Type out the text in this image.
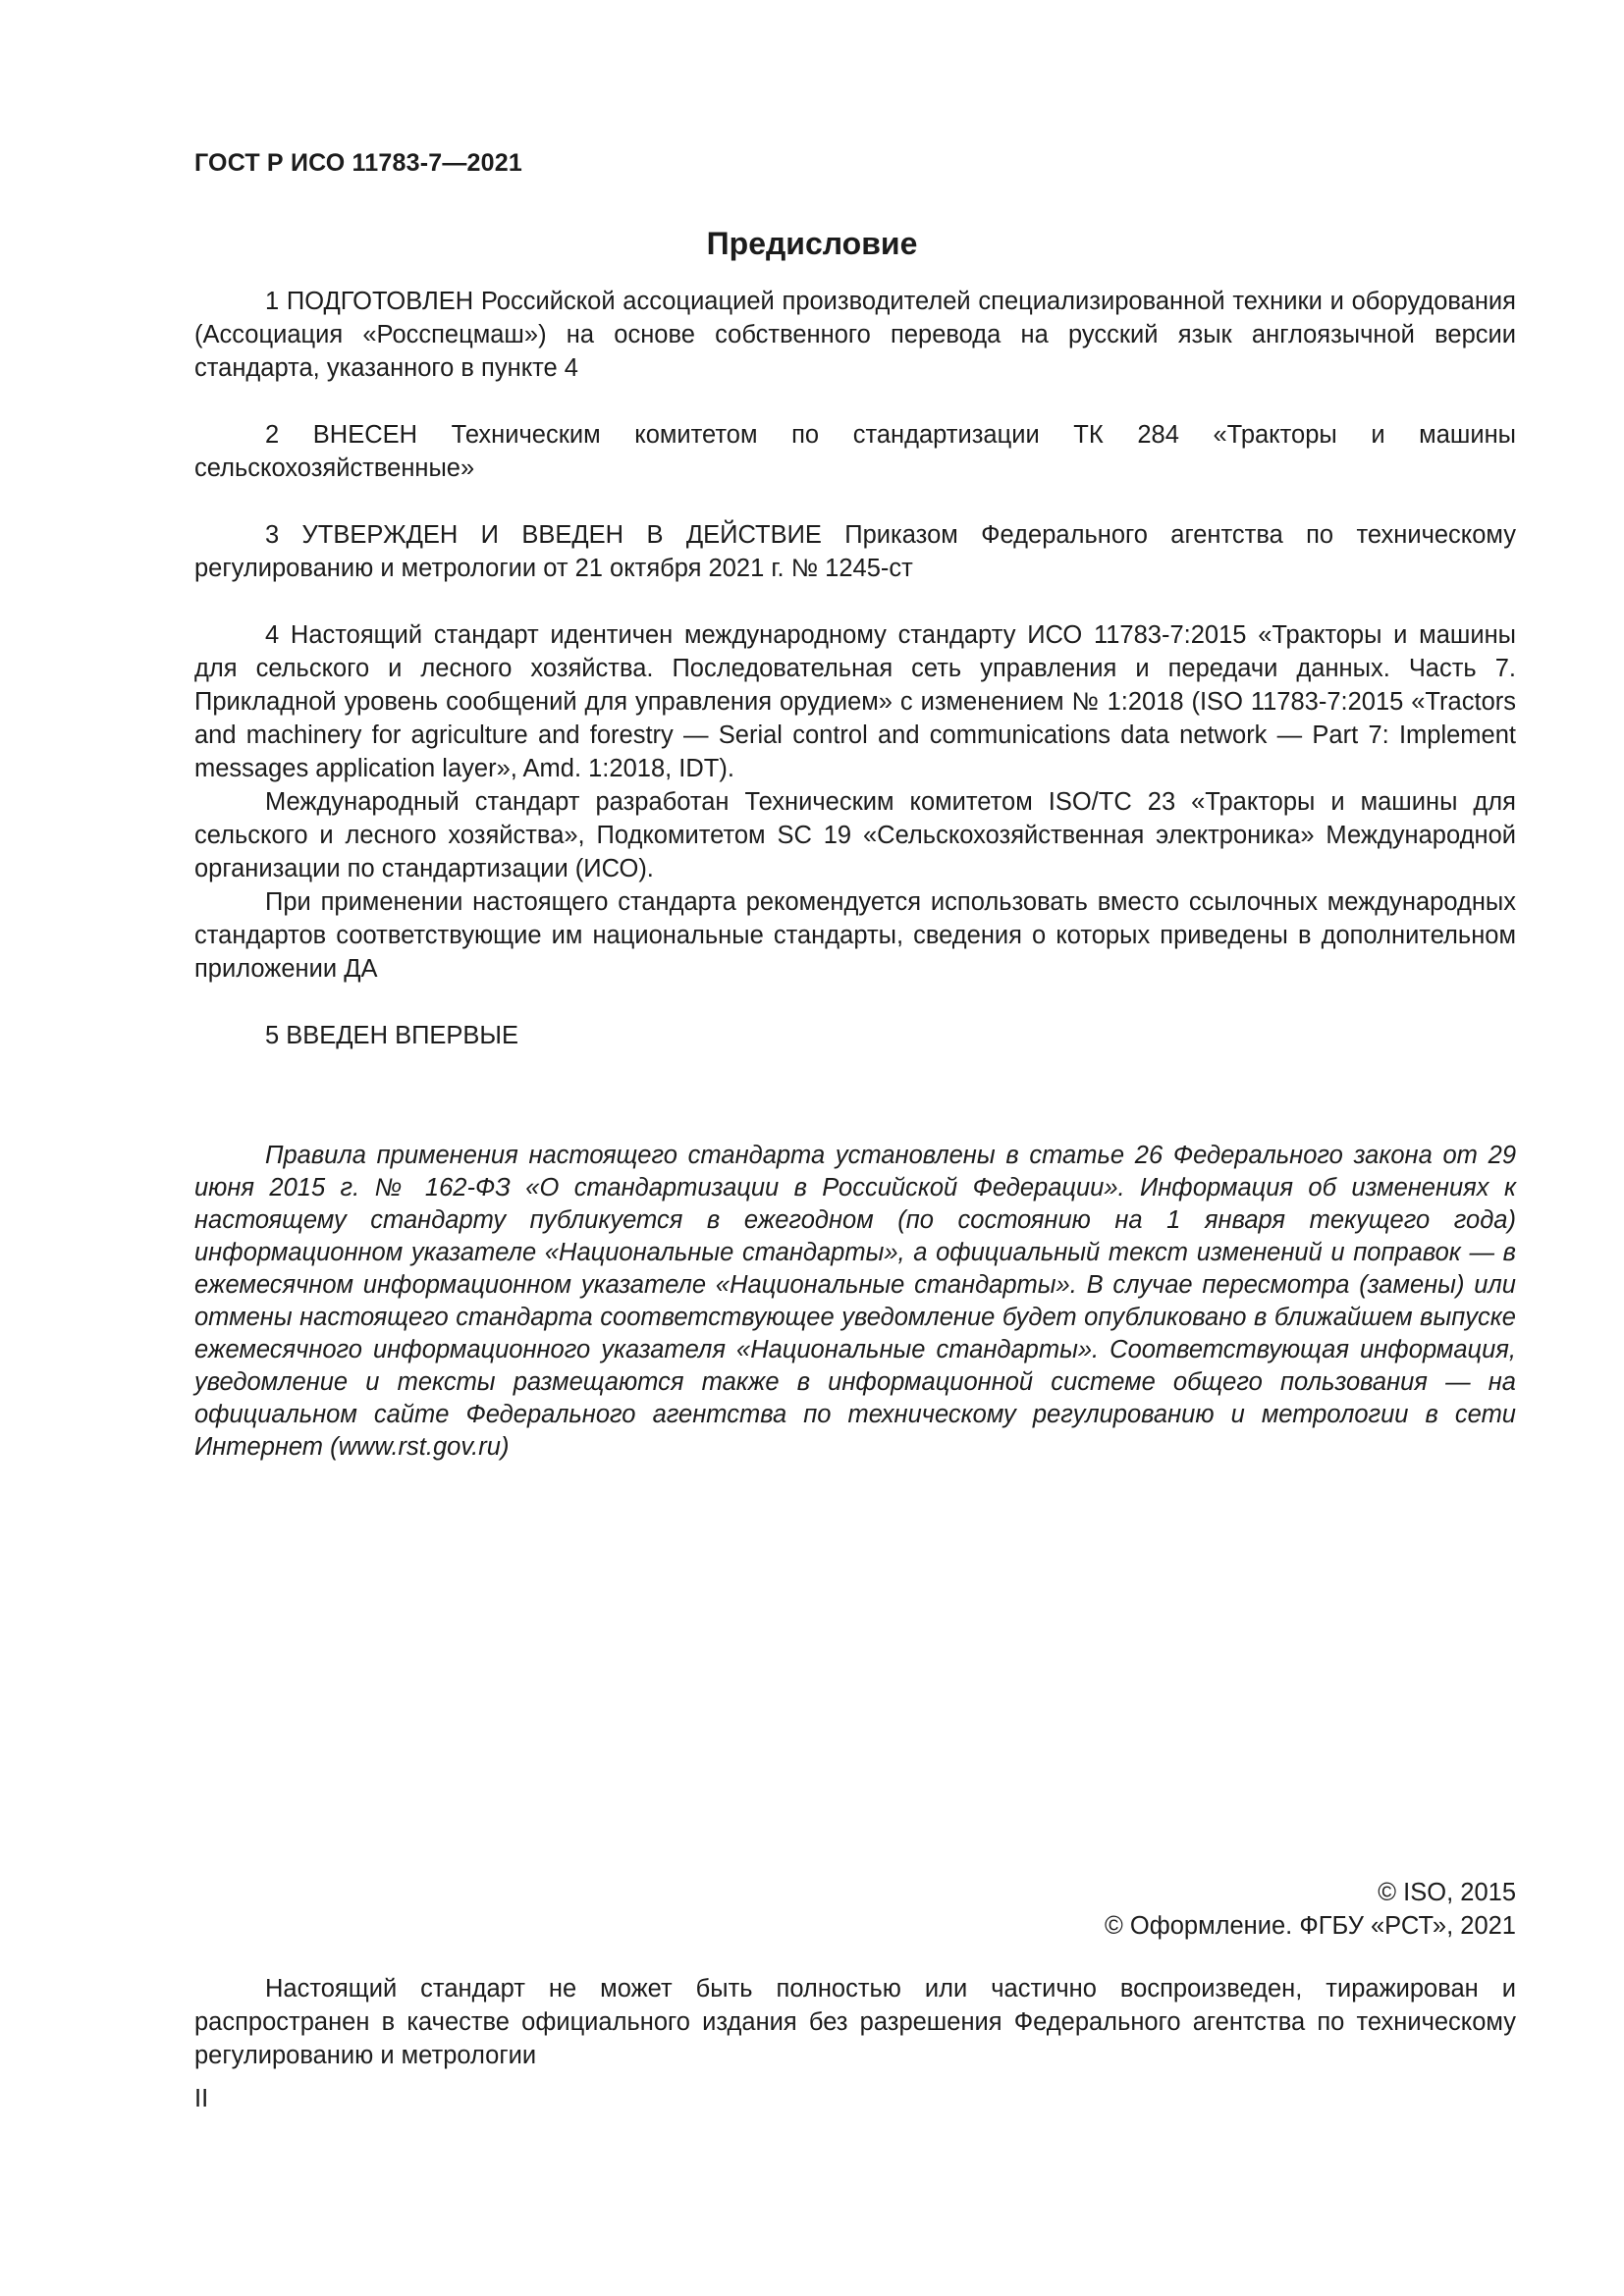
ГОСТ Р ИСО 11783-7—2021
Предисловие

1 ПОДГОТОВЛЕН Российской ассоциацией производителей специализированной техники и оборудования (Ассоциация «Росспецмаш») на основе собственного перевода на русский язык англоязычной версии стандарта, указанного в пункте 4

2 ВНЕСЕН Техническим комитетом по стандартизации ТК 284 «Тракторы и машины сельскохозяйственные»

3 УТВЕРЖДЕН И ВВЕДЕН В ДЕЙСТВИЕ Приказом Федерального агентства по техническому регулированию и метрологии от 21 октября 2021 г. № 1245-ст

4 Настоящий стандарт идентичен международному стандарту ИСО 11783-7:2015 «Тракторы и машины для сельского и лесного хозяйства. Последовательная сеть управления и передачи данных. Часть 7. Прикладной уровень сообщений для управления орудием» с изменением № 1:2018 (ISO 11783-7:2015 «Tractors and machinery for agriculture and forestry — Serial control and communications data network — Part 7: Implement messages application layer», Amd. 1:2018, IDT).

Международный стандарт разработан Техническим комитетом ISO/TC 23 «Тракторы и машины для сельского и лесного хозяйства», Подкомитетом SC 19 «Сельскохозяйственная электроника» Международной организации по стандартизации (ИСО).

При применении настоящего стандарта рекомендуется использовать вместо ссылочных международных стандартов соответствующие им национальные стандарты, сведения о которых приведены в дополнительном приложении ДА

5 ВВЕДЕН ВПЕРВЫЕ

Правила применения настоящего стандарта установлены в статье 26 Федерального закона от 29 июня 2015 г. № 162-ФЗ «О стандартизации в Российской Федерации». Информация об изменениях к настоящему стандарту публикуется в ежегодном (по состоянию на 1 января текущего года) информационном указателе «Национальные стандарты», а официальный текст изменений и поправок — в ежемесячном информационном указателе «Национальные стандарты». В случае пересмотра (замены) или отмены настоящего стандарта соответствующее уведомление будет опубликовано в ближайшем выпуске ежемесячного информационного указателя «Национальные стандарты». Соответствующая информация, уведомление и тексты размещаются также в информационной системе общего пользования — на официальном сайте Федерального агентства по техническому регулированию и метрологии в сети Интернет (www.rst.gov.ru)

© ISO, 2015
© Оформление. ФГБУ «РСТ», 2021

Настоящий стандарт не может быть полностью или частично воспроизведен, тиражирован и распространен в качестве официального издания без разрешения Федерального агентства по техническому регулированию и метрологии

II
